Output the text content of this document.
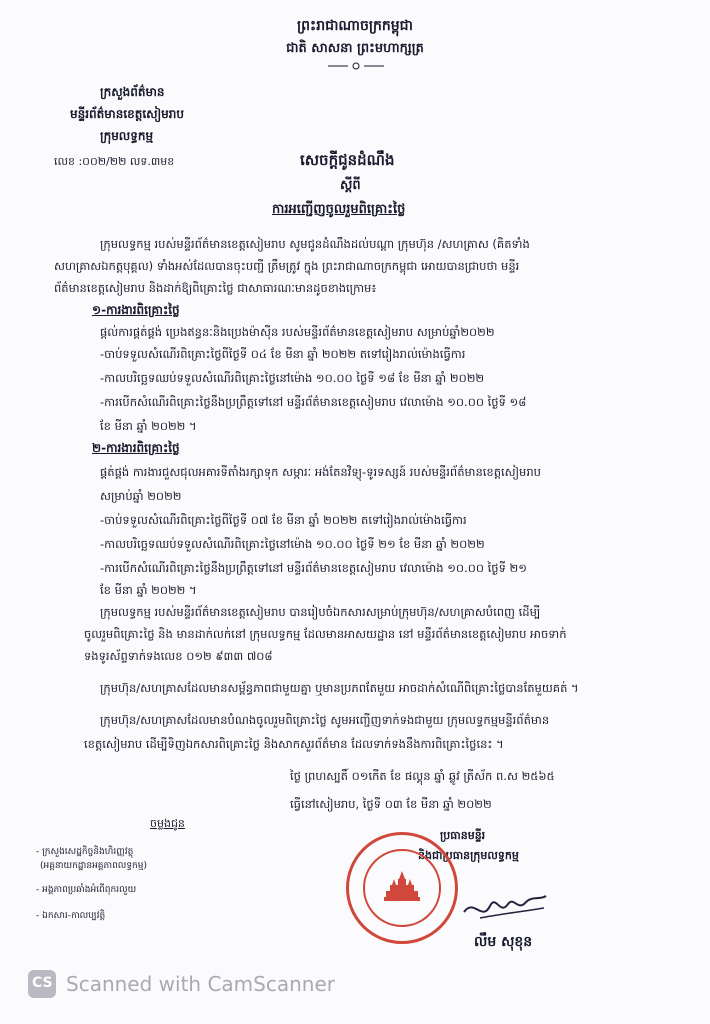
ព្រះរាជាណាចក្រកម្ពុជា
ជាតិ សាសនា ព្រះមហាក្សត្រ
ក្រសួងព័ត៌មាន
មន្ទីរព័ត៌មានខេត្តសៀមរាប
ក្រុមលទ្ធកម្ម
លេខ :០០២/២២ លទ.៣មខ	សេចក្តីជូនដំណឹង
ស្តីពី
ការអញ្ជើញចូលរួមពិគ្រោះថ្លៃ
ក្រុមលទ្ធកម្ម របស់មន្ទីរព័ត៌មានខេត្តសៀមរាប សូមជូនដំណឹងដល់បណ្តា ក្រុមហ៊ុន /សហគ្រាស (គិតទាំង
សហគ្រាសឯកត្តបុគ្គល) ទាំងអស់ដែលបានចុះបញ្ជី ត្រឹមត្រូវ ក្នុង ព្រះរាជាណាចក្រកម្ពុជា អោយបានជ្រាបថា មន្ទីរ
ព័ត៌មានខេត្តសៀមរាប និងដាក់ឱ្យពិគ្រោះថ្លៃ ជាសាធារណៈមានដូចខាងក្រោម៖
១-ការងារពិគ្រោះថ្លៃ
ផ្តល់ការផ្គត់ផ្គង់ ប្រេងឥន្ធនៈនិងប្រេងម៉ាស៊ីន របស់មន្ទីរព័ត៌មានខេត្តសៀមរាប សម្រាប់ឆ្នាំ២០២២
-ចាប់ទទួលសំណើរពិគ្រោះថ្លៃពីថ្ងៃទី ០៤ ខែ មីនា ឆ្នាំ ២០២២ តទៅរៀងរាល់ម៉ោងធ្វើការ
-កាលបរិច្ឆេទឈប់ទទួលសំណើរពិគ្រោះថ្លៃនៅម៉ោង ១០.០០ ថ្ងៃទី ១៨ ខែ មីនា ឆ្នាំ ២០២២
-ការបើកសំណើរពិគ្រោះថ្លៃនឹងប្រព្រឹត្តទៅនៅ មន្ទីរព័ត៌មានខេត្តសៀមរាប វេលាម៉ោង ១០.០០ ថ្ងៃទី ១៨
ខែ មីនា ឆ្នាំ ២០២២ ។
២-ការងារពិគ្រោះថ្លៃ
ផ្គត់ផ្គង់ ការងារជួសជុលអគារទីតាំងរក្សាទុក សម្ភារៈ អង់តែនវិទ្យុ-ទូរទស្សន៍ របស់មន្ទីរព័ត៌មានខេត្តសៀមរាប
សម្រាប់ឆ្នាំ ២០២២
-ចាប់ទទួលសំណើរពិគ្រោះថ្លៃពីថ្ងៃទី ០៧ ខែ មីនា ឆ្នាំ ២០២២ តទៅរៀងរាល់ម៉ោងធ្វើការ
-កាលបរិច្ឆេទឈប់ទទួលសំណើរពិគ្រោះថ្លៃនៅម៉ោង ១០.០០ ថ្ងៃទី ២១ ខែ មីនា ឆ្នាំ ២០២២
-ការបើកសំណើរពិគ្រោះថ្លៃនឹងប្រព្រឹត្តទៅនៅ មន្ទីរព័ត៌មានខេត្តសៀមរាប វេលាម៉ោង ១០.០០ ថ្ងៃទី ២១
ខែ មីនា ឆ្នាំ ២០២២ ។
ក្រុមលទ្ធកម្ម របស់មន្ទីរព័ត៌មានខេត្តសៀមរាប បានរៀបចំឯកសារសម្រាប់ក្រុមហ៊ុន/សហគ្រាសបំពេញ ដើម្បី
ចូលរួមពិគ្រោះថ្លៃ និង មានដាក់លក់នៅ ក្រុមលទ្ធកម្ម ដែលមានអាសយដ្ឋាន នៅ មន្ទីរព័ត៌មានខេត្តសៀមរាប អាចទាក់
ទងទូរស័ព្ទទាក់ទងលេខ ០១២ ៩៣៣ ៧០៨
ក្រុមហ៊ុន/សហគ្រាសដែលមានសម្ព័ន្ធភាពជាមួយគ្នា ឬមានប្រភពតែមួយ អាចដាក់សំណើពិគ្រោះថ្លៃបានតែមួយគត់ ។
ក្រុមហ៊ុន/សហគ្រាសដែលមានបំណងចូលរួមពិគ្រោះថ្លៃ សូមអញ្ជើញទាក់ទងជាមួយ ក្រុមលទ្ធកម្មមន្ទីរព័ត៌មាន
ខេត្តសៀមរាប ដើម្បីទិញឯកសារពិគ្រោះថ្លៃ និងសាកសួរព័ត៌មាន ដែលទាក់ទងនឹងការពិគ្រោះថ្លៃនេះ ។
ថ្ងៃ ព្រហស្បតិ៍ ០១កើត ខែ ផល្គុន ឆ្នាំ ឆ្លូវ ត្រីស័ក ព.ស ២៥៦៥
ធ្វើនៅសៀមរាប, ថ្ងៃទី ០៣ ខែ មីនា ឆ្នាំ ២០២២
ចម្លងជូន
- ក្រសួងសេដ្ឋកិច្ចនិងហិរញ្ញវត្ថុ
(អគ្គនាយកដ្ឋានអគ្គភាពលទ្ធកម្ម)
- អង្គភាពប្រឆាំងអំពើពុករលួយ
- ឯកសារ-កាលប្បវត្តិ
ប្រធានមន្ទីរ
និងជាប្រធានក្រុមលទ្ធកម្ម
លឹម សុខុន
CS Scanned with CamScanner
